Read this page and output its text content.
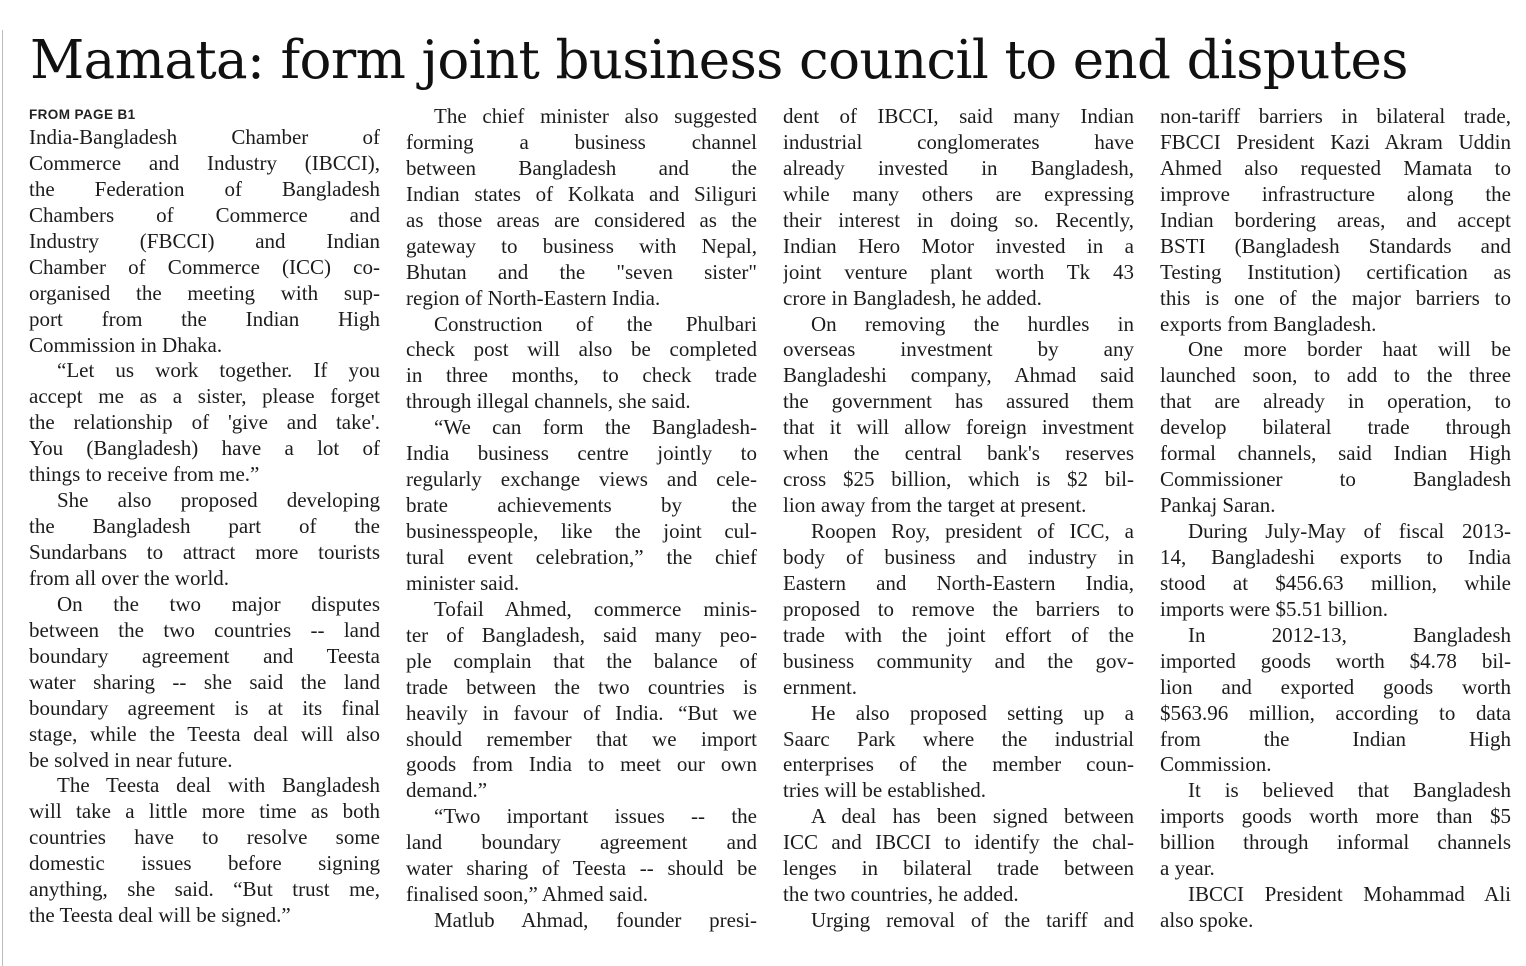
Mamata: form joint business council to end disputes
FROM PAGE B1
India-Bangladesh Chamber of
Commerce and Industry (IBCCI),
the Federation of Bangladesh
Chambers of Commerce and
Industry (FBCCI) and Indian
Chamber of Commerce (ICC) co-
organised the meeting with sup-
port from the Indian High
Commission in Dhaka.
“Let us work together. If you
accept me as a sister, please forget
the relationship of 'give and take'.
You (Bangladesh) have a lot of
things to receive from me.”
She also proposed developing
the Bangladesh part of the
Sundarbans to attract more tourists
from all over the world.
On the two major disputes
between the two countries -- land
boundary agreement and Teesta
water sharing -- she said the land
boundary agreement is at its final
stage, while the Teesta deal will also
be solved in near future.
The Teesta deal with Bangladesh
will take a little more time as both
countries have to resolve some
domestic issues before signing
anything, she said. “But trust me,
the Teesta deal will be signed.”
The chief minister also suggested
forming a business channel
between Bangladesh and the
Indian states of Kolkata and Siliguri
as those areas are considered as the
gateway to business with Nepal,
Bhutan and the "seven sister"
region of North-Eastern India.
Construction of the Phulbari
check post will also be completed
in three months, to check trade
through illegal channels, she said.
“We can form the Bangladesh-
India business centre jointly to
regularly exchange views and cele-
brate achievements by the
businesspeople, like the joint cul-
tural event celebration,” the chief
minister said.
Tofail Ahmed, commerce minis-
ter of Bangladesh, said many peo-
ple complain that the balance of
trade between the two countries is
heavily in favour of India. “But we
should remember that we import
goods from India to meet our own
demand.”
“Two important issues -- the
land boundary agreement and
water sharing of Teesta -- should be
finalised soon,” Ahmed said.
Matlub Ahmad, founder presi-
dent of IBCCI, said many Indian
industrial conglomerates have
already invested in Bangladesh,
while many others are expressing
their interest in doing so. Recently,
Indian Hero Motor invested in a
joint venture plant worth Tk 43
crore in Bangladesh, he added.
On removing the hurdles in
overseas investment by any
Bangladeshi company, Ahmad said
the government has assured them
that it will allow foreign investment
when the central bank's reserves
cross $25 billion, which is $2 bil-
lion away from the target at present.
Roopen Roy, president of ICC, a
body of business and industry in
Eastern and North-Eastern India,
proposed to remove the barriers to
trade with the joint effort of the
business community and the gov-
ernment.
He also proposed setting up a
Saarc Park where the industrial
enterprises of the member coun-
tries will be established.
A deal has been signed between
ICC and IBCCI to identify the chal-
lenges in bilateral trade between
the two countries, he added.
Urging removal of the tariff and
non-tariff barriers in bilateral trade,
FBCCI President Kazi Akram Uddin
Ahmed also requested Mamata to
improve infrastructure along the
Indian bordering areas, and accept
BSTI (Bangladesh Standards and
Testing Institution) certification as
this is one of the major barriers to
exports from Bangladesh.
One more border haat will be
launched soon, to add to the three
that are already in operation, to
develop bilateral trade through
formal channels, said Indian High
Commissioner to Bangladesh
Pankaj Saran.
During July-May of fiscal 2013-
14, Bangladeshi exports to India
stood at $456.63 million, while
imports were $5.51 billion.
In 2012-13, Bangladesh
imported goods worth $4.78 bil-
lion and exported goods worth
$563.96 million, according to data
from the Indian High
Commission.
It is believed that Bangladesh
imports goods worth more than $5
billion through informal channels
a year.
IBCCI President Mohammad Ali
also spoke.
